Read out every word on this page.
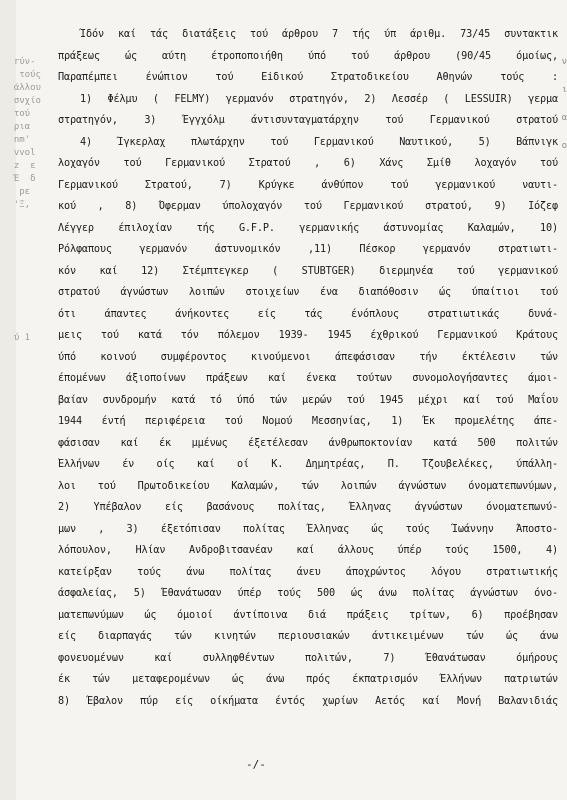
rύν-
τούς
άλλου
σνχίο
τού
ρια
nm'
vvol
z  ε
Έ  δ
pε
'Ξ,
ύ 1
ν
ι
α
ο
Ίδόν καί τάς διατάξεις τού άρθρου 7 τής ύπ άριθμ. 73/45 συντακτικ
πράξεως ώς αύτη έτροποποιήθη ύπό τού άρθρου (90/45 όμοίως,
Παραπέμπει ένώπιον τού Εiδικού Στρατοδικείου Αθηνών τούς :
1) Φέλμυ ( FELMY) γερμανόν στρατηγόν, 2) Λεσσέρ ( LESSUIR) γερμα
στρατηγόν, 3) Έγγχόλμ άντισυνταγματάρχην τού Γερμανικού στρατού
4) Ίγκερλαχ πλωτάρχην τού Γερμανικού Ναυτικού, 5) Βάπνιγκ
λοχαγόν τού Γερμανικού Στρατού , 6) Χάνς Σμίθ λοχαγόν τού
Γερμανικού Στρατού, 7) Κρύγκε άνθύπον τού γερμανικού ναυτι-
κού , 8) Όφερμαν ύπολοχαγόν τού Γερμανικού στρατού, 9) Ιόζεφ
Λέγγερ έπιλοχίαν τής G.F.P. γερμανικής άστυνομίας Καλαμών, 10)
Ρόλφαπους γερμανόν άστυνομικόν ,11) Πέσκορ γερμανόν στρατιωτι-
κόν καί 12) Στέμπτεγκερ ( STUBTGER) διερμηνέα τού γερμανικού
στρατού άγνώστων λοιπών στοιχείων ένα διαπόθοσιν ώς ύπαίτιοι τού
ότι άπαντες άνήκοντες είς τάς ένόπλους στρατιωτικάς δυνά-
μεις τού κατά τόν πόλεμον 1939- 1945 έχθρικού Γερμανικού Κράτους
ύπό κοινού συμφέροντος κινούμενοι άπεφάσισαν τήν έκτέλεσιν τών
έπομένων άξιοποίνων πράξεων καί ένεκα τούτων συνομολογήσαντες άμοι-
βαίαν συνδρομήν κατά τό ύπό τών μερών τού 1945 μέχρι καί τού Μαΐου
1944 έντή περιφέρεια τού Νομού Μεσσηνίας, 1) Έκ προμελέτης άπε-
φάσισαν καί έκ μμένως έξετέλεσαν άνθρωποκτονίαν κατά 500 πολιτών
Έλλήνων έν οίς καί οί Κ. Δημητρέας, Π. Τζουβελέκες, ύπάλλη-
λοι τού Πρωτοδικείου Καλαμών, τών λοιπών άγνώστων όνοματεπωνύμων,
2) Υπέβαλον είς βασάνους πολίτας, Έλληνας άγνώστων όνοματεπωνύ-
μων , 3) έξετόπισαν πολίτας Έλληνας ώς τούς Ίωάννην Άποστο-
λόπουλον, Ηλίαν Ανδροβιτσανέαν καί άλλους ύπέρ τούς 1500, 4)
κατείρξαν τούς άνω πολίτας άνευ άποχρώντος λόγου στρατιωτικής
άσφαλείας, 5) Έθανάτωσαν ύπέρ τούς 500 ώς άνω πολίτας άγνώστων όνο-
ματεπωνύμων ώς όμοιοί άντίποινα διά πράξεις τρίτων, 6) προέβησαν
είς διαρπαγάς τών κινητών περιουσιακών άντικειμένων τών ώς άνω
φονευομένων καί συλληφθέντων πολιτών, 7) Έθανάτωσαν όμήρους
έκ τών μεταφερομένων ώς άνω πρός έκπατρισμόν Έλλήνων πατριωτών
8) Έβαλον πύρ είς οίκήματα έντός χωρίων Αετός καί Μονή Βαλανιδιάς
-/-
